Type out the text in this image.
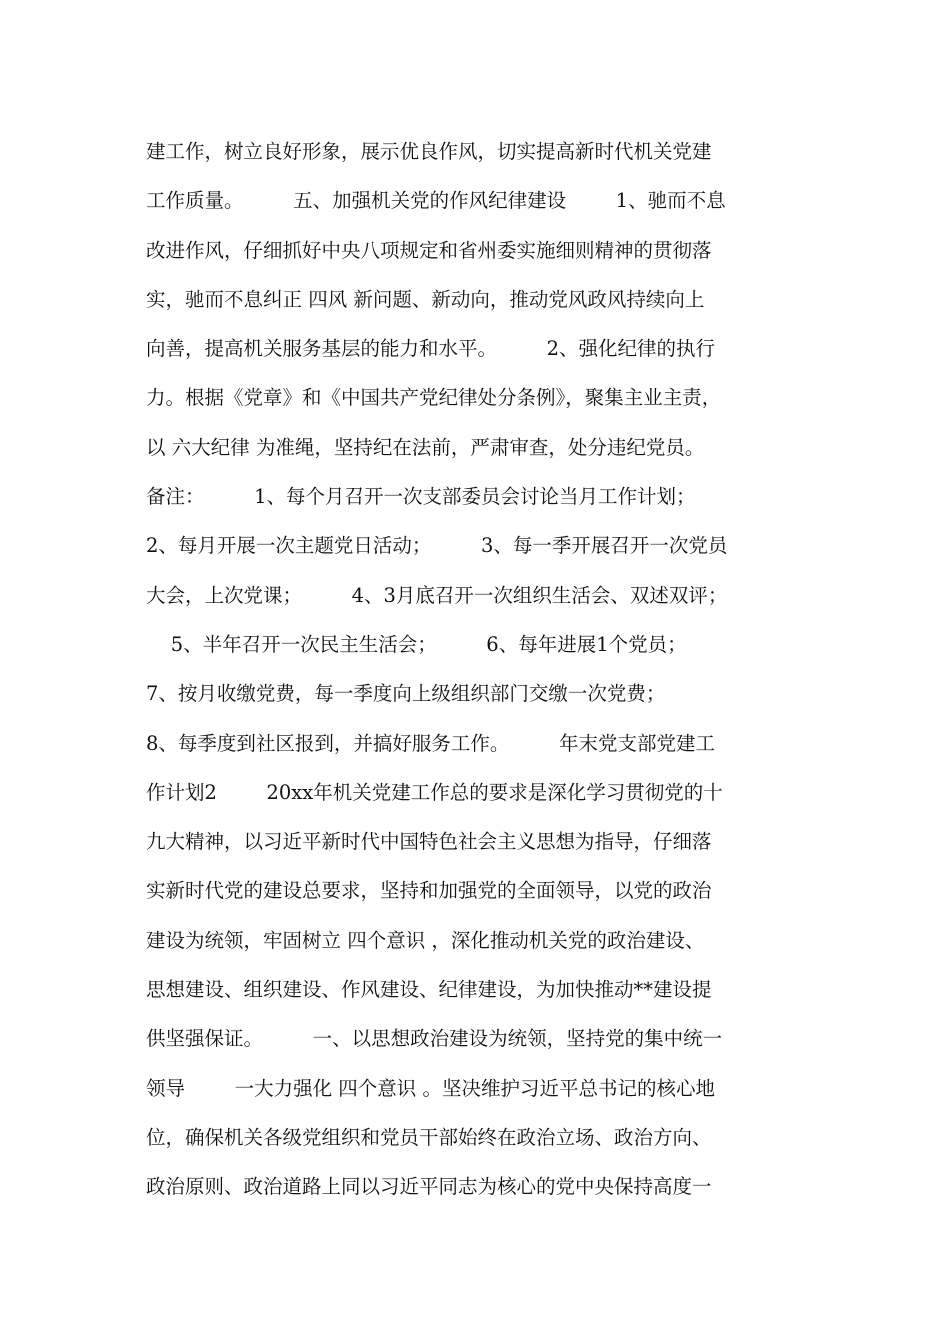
建工作，树立良好形象，展示优良作风，切实提高新时代机关党建
工作质量。        五、加强机关党的作风纪律建设        1、驰而不息
改进作风，仔细抓好中央八项规定和省州委实施细则精神的贯彻落
实，驰而不息纠正 四风 新问题、新动向，推动党风政风持续向上
向善，提高机关服务基层的能力和水平。        2、强化纪律的执行
力。根据《党章》和《中国共产党纪律处分条例》，聚集主业主责，
以 六大纪律 为准绳，坚持纪在法前，严肃审查，处分违纪党员。
备注：        1、每个月召开一次支部委员会讨论当月工作计划；
2、每月开展一次主题党日活动；        3、每一季开展召开一次党员
大会，上次党课；        4、3月底召开一次组织生活会、双述双评；
5、半年召开一次民主生活会；        6、每年进展1个党员；
7、按月收缴党费，每一季度向上级组织部门交缴一次党费；
8、每季度到社区报到，并搞好服务工作。        年末党支部党建工
作计划2        20xx年机关党建工作总的要求是深化学习贯彻党的十
九大精神，以习近平新时代中国特色社会主义思想为指导，仔细落
实新时代党的建设总要求，坚持和加强党的全面领导，以党的政治
建设为统领，牢固树立 四个意识 ，深化推动机关党的政治建设、
思想建设、组织建设、作风建设、纪律建设，为加快推动**建设提
供坚强保证。        一、以思想政治建设为统领，坚持党的集中统一
领导        一大力强化 四个意识 。坚决维护习近平总书记的核心地
位，确保机关各级党组织和党员干部始终在政治立场、政治方向、
政治原则、政治道路上同以习近平同志为核心的党中央保持高度一
